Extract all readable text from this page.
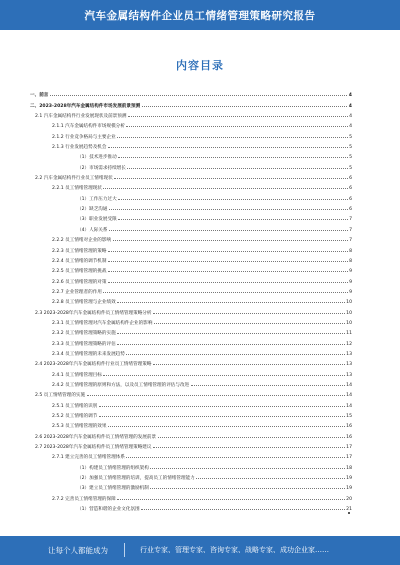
汽车金属结构件企业员工情绪管理策略研究报告
内容目录
一、前言	4
二、2023-2028年汽车金属结构件市场发展前景预测	4
2.1 汽车金属结构件行业发展现状及前景预测	4
2.1.1 汽车金属结构件市场规模分析	4
2.1.2 行业竞争格局与主要企业	5
2.1.3 行业发展趋势及机会	5
（1）技术进步推动	5
（2）市场需求持续增长	5
2.2 汽车金属结构件行业员工情绪现状	6
2.2.1 员工情绪管理现状	6
（1）工作压力过大	6
（2）缺乏沟通	6
（3）职业发展受限	7
（4）人际关系	7
2.2.2 员工情绪对企业的影响	7
2.2.3 员工情绪管理的策略	8
2.2.4 员工情绪的调节机制	8
2.2.5 员工情绪管理的挑战	9
2.2.6 员工情绪管理的对策	9
2.2.7 企业管理者的作用	9
2.2.8 员工情绪管理与企业绩效	10
2.3 2023-2028年汽车金属结构件员工情绪管理策略分析	10
2.3.1 员工情绪管理对汽车金属结构件企业的影响	10
2.3.2 员工情绪管理策略的实施	11
2.3.3 员工情绪管理策略的评估	12
2.3.4 员工情绪管理的未来发展趋势	13
2.4 2023-2028年汽车金属结构件行业员工情绪管理策略	13
2.4.1 员工情绪管理目标	13
2.4.2 员工情绪管理的原则和方法，以及员工情绪管理的评估与改进	14
2.5 员工情绪管理的实施	14
2.5.1 员工情绪的识别	14
2.5.2 员工情绪的调节	15
2.5.3 员工情绪管理的效果	16
2.6 2023-2028年汽车金属结构件员工情绪管理的发展前景	16
2.7 2023-2028年汽车金属结构件员工情绪管理策略建议	17
2.7.1 建立完善的员工情绪管理体系	17
（1）构建员工情绪管理的组织架构	18
（2）加强员工情绪管理的培训，提高员工的情绪管理能力	19
（3）建立员工情绪管理的激励机制	19
2.7.2 完善员工情绪管理的保障	20
（1）营造和谐的企业文化氛围	21
让每个人都能成为	行业专家、管理专家、咨询专家、战略专家、成功企业家……
